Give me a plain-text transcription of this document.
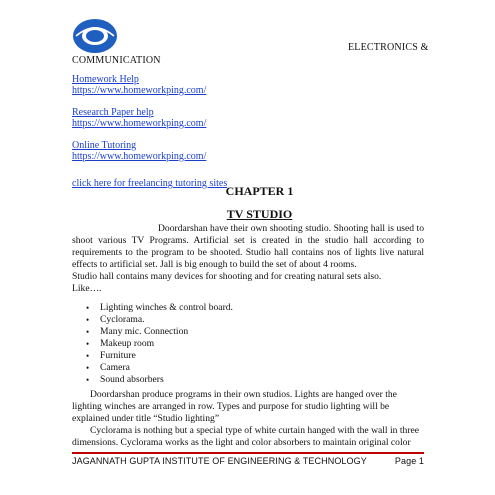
ELECTRONICS &
COMMUNICATION
Homework Help
https://www.homeworkping.com/
Research Paper help
https://www.homeworkping.com/
Online Tutoring
https://www.homeworkping.com/
click here for freelancing tutoring sites
CHAPTER 1
TV STUDIO
Doordarshan have their own shooting studio. Shooting hall is used to shoot various TV Programs. Artificial set is created in the studio hall according to requirements to the program to be shooted. Studio hall contains nos of lights live natural effects to artificial set. Jall is big enough to build the set of about 4 rooms.

Studio hall contains many devices for shooting and for creating natural sets also.

Like….

• Lighting winches & control board.
• Cyclorama.
• Many mic. Connection
• Makeup room
• Furniture
• Camera
• Sound absorbers

Doordarshan produce programs in their own studios. Lights are hanged over the lighting winches are arranged in row. Types and purpose for studio lighting will be explained under title “Studio lighting”

Cyclorama is nothing but a special type of white curtain hanged with the wall in three dimensions. Cyclorama works as the light and color absorbers to maintain original color

JAGANNATH GUPTA INSTITUTE OF ENGINEERING & TECHNOLOGY	Page 1
